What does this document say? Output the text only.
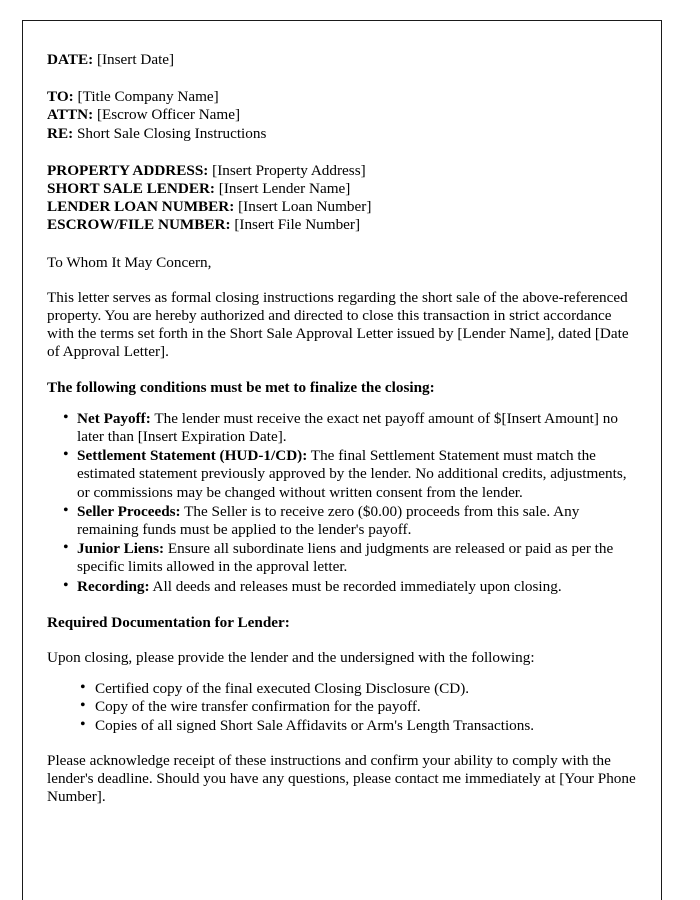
DATE: [Insert Date]
TO: [Title Company Name]
ATTN: [Escrow Officer Name]
RE: Short Sale Closing Instructions
PROPERTY ADDRESS: [Insert Property Address]
SHORT SALE LENDER: [Insert Lender Name]
LENDER LOAN NUMBER: [Insert Loan Number]
ESCROW/FILE NUMBER: [Insert File Number]

To Whom It May Concern,

This letter serves as formal closing instructions regarding the short sale of the above-referenced property. You are hereby authorized and directed to close this transaction in strict accordance with the terms set forth in the Short Sale Approval Letter issued by [Lender Name], dated [Date of Approval Letter].

The following conditions must be met to finalize the closing:

• Net Payoff: The lender must receive the exact net payoff amount of $[Insert Amount] no later than [Insert Expiration Date].
• Settlement Statement (HUD-1/CD): The final Settlement Statement must match the estimated statement previously approved by the lender. No additional credits, adjustments, or commissions may be changed without written consent from the lender.
• Seller Proceeds: The Seller is to receive zero ($0.00) proceeds from this sale. Any remaining funds must be applied to the lender's payoff.
• Junior Liens: Ensure all subordinate liens and judgments are released or paid as per the specific limits allowed in the approval letter.
• Recording: All deeds and releases must be recorded immediately upon closing.

Required Documentation for Lender:

Upon closing, please provide the lender and the undersigned with the following:

• Certified copy of the final executed Closing Disclosure (CD).
• Copy of the wire transfer confirmation for the payoff.
• Copies of all signed Short Sale Affidavits or Arm's Length Transactions.

Please acknowledge receipt of these instructions and confirm your ability to comply with the lender's deadline. Should you have any questions, please contact me immediately at [Your Phone Number].
